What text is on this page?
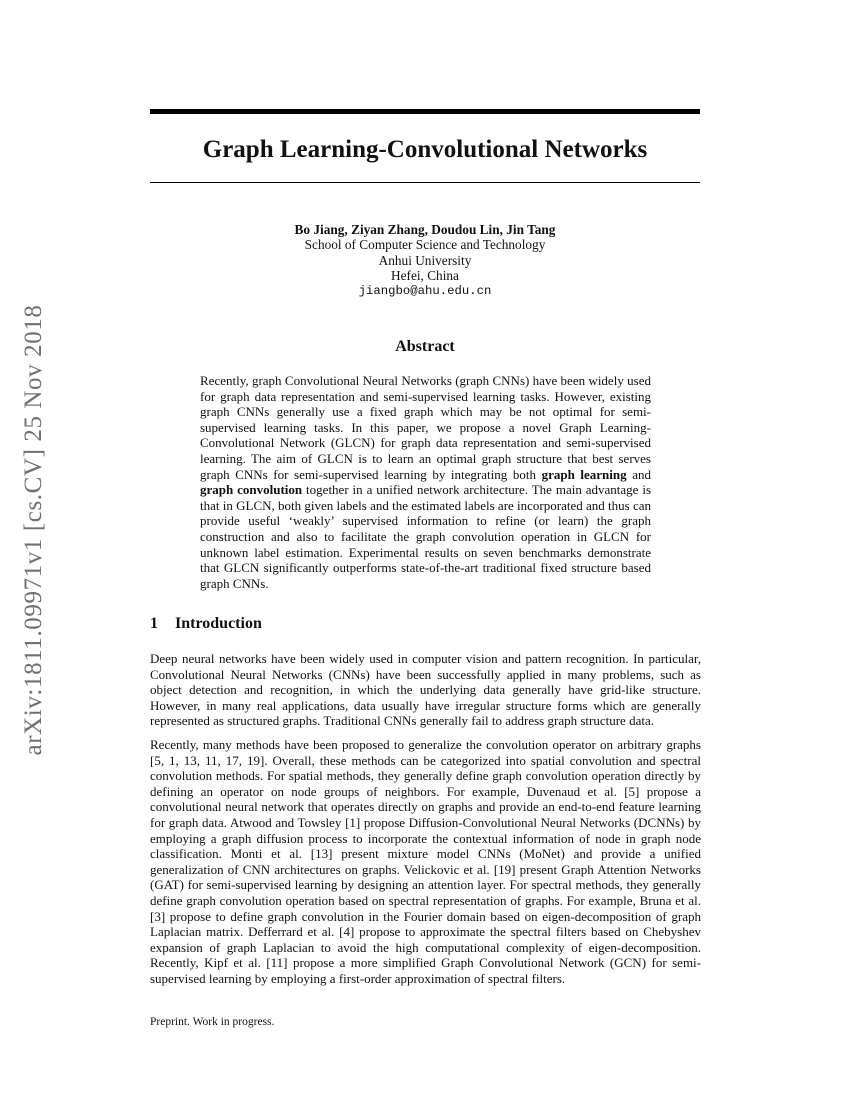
arXiv:1811.09971v1 [cs.CV] 25 Nov 2018
Graph Learning-Convolutional Networks
Bo Jiang, Ziyan Zhang, Doudou Lin, Jin Tang
School of Computer Science and Technology
Anhui University
Hefei, China
jiangbo@ahu.edu.cn
Abstract

Recently, graph Convolutional Neural Networks (graph CNNs) have been widely used for graph data representation and semi-supervised learning tasks. However, existing graph CNNs generally use a fixed graph which may be not optimal for semi-supervised learning tasks. In this paper, we propose a novel Graph Learning-Convolutional Network (GLCN) for graph data representation and semi-supervised learning. The aim of GLCN is to learn an optimal graph structure that best serves graph CNNs for semi-supervised learning by integrating both graph learning and graph convolution together in a unified network architecture. The main advantage is that in GLCN, both given labels and the estimated labels are incorporated and thus can provide useful ‘weakly’ supervised information to refine (or learn) the graph construction and also to facilitate the graph convolution operation in GLCN for unknown label estimation. Experimental results on seven benchmarks demonstrate that GLCN significantly outperforms state-of-the-art traditional fixed structure based graph CNNs.

1 Introduction

Deep neural networks have been widely used in computer vision and pattern recognition. In particular, Convolutional Neural Networks (CNNs) have been successfully applied in many problems, such as object detection and recognition, in which the underlying data generally have grid-like structure. However, in many real applications, data usually have irregular structure forms which are generally represented as structured graphs. Traditional CNNs generally fail to address graph structure data.

Recently, many methods have been proposed to generalize the convolution operator on arbitrary graphs [5, 1, 13, 11, 17, 19]. Overall, these methods can be categorized into spatial convolution and spectral convolution methods. For spatial methods, they generally define graph convolution operation directly by defining an operator on node groups of neighbors. For example, Duvenaud et al. [5] propose a convolutional neural network that operates directly on graphs and provide an end-to-end feature learning for graph data. Atwood and Towsley [1] propose Diffusion-Convolutional Neural Networks (DCNNs) by employing a graph diffusion process to incorporate the contextual information of node in graph node classification. Monti et al. [13] present mixture model CNNs (MoNet) and provide a unified generalization of CNN architectures on graphs. Velickovic et al. [19] present Graph Attention Networks (GAT) for semi-supervised learning by designing an attention layer. For spectral methods, they generally define graph convolution operation based on spectral representation of graphs. For example, Bruna et al. [3] propose to define graph convolution in the Fourier domain based on eigen-decomposition of graph Laplacian matrix. Defferrard et al. [4] propose to approximate the spectral filters based on Chebyshev expansion of graph Laplacian to avoid the high computational complexity of eigen-decomposition. Recently, Kipf et al. [11] propose a more simplified Graph Convolutional Network (GCN) for semi-supervised learning by employing a first-order approximation of spectral filters.

Preprint. Work in progress.
